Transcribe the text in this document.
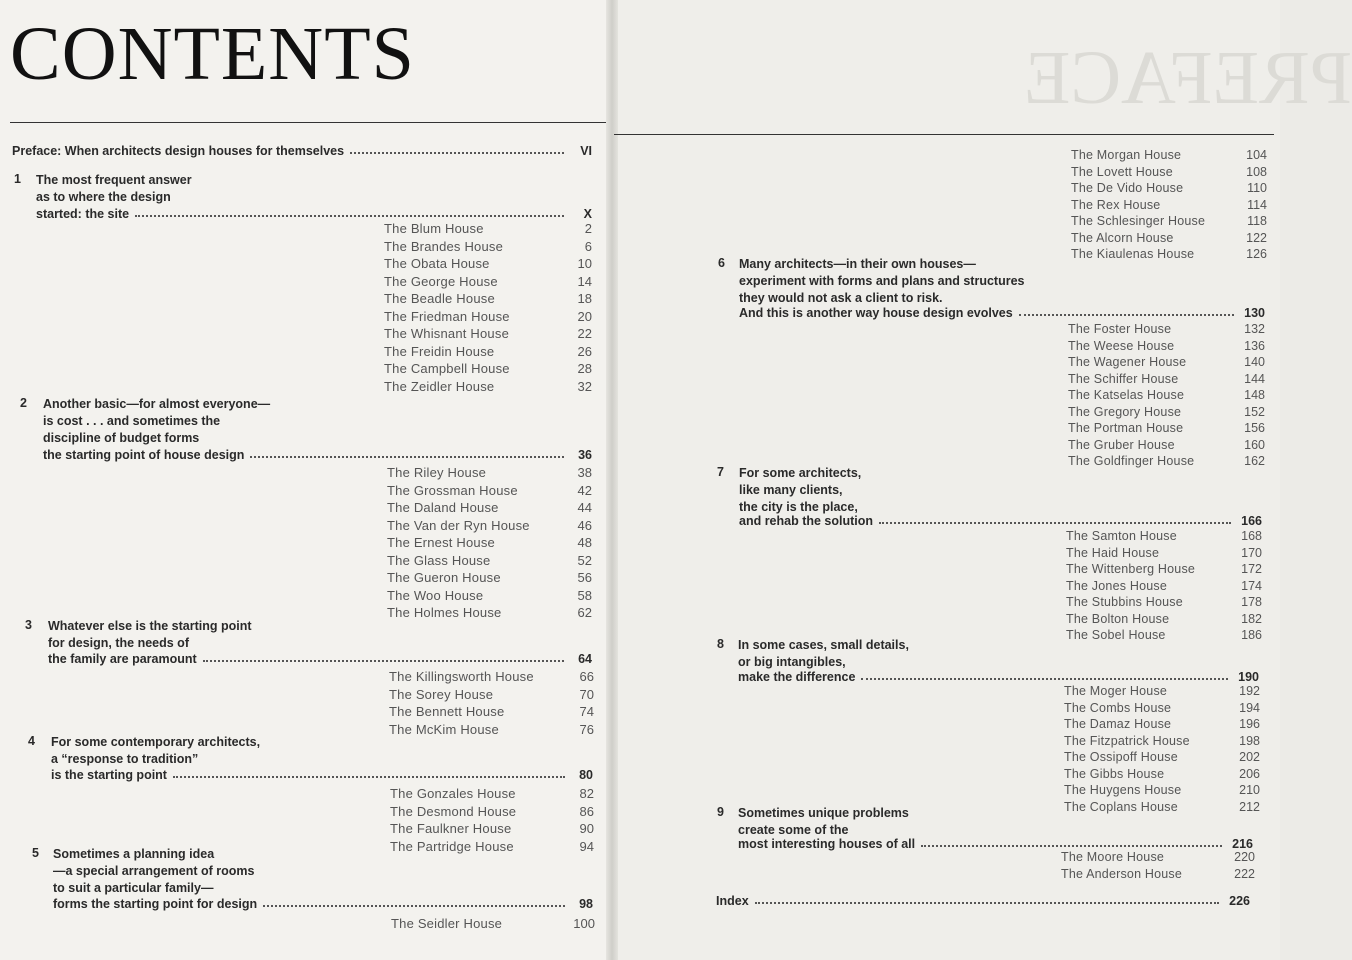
PREFACE
CONTENTS
Preface: When architects design houses for themselves	VI
1 The most frequent answer
as to where the design
started: the site	X
The Blum House	2
The Brandes House	6
The Obata House	10
The George House	14
The Beadle House	18
The Friedman House	20
The Whisnant House	22
The Freidin House	26
The Campbell House	28
The Zeidler House	32
2 Another basic—for almost everyone—
is cost . . . and sometimes the
discipline of budget forms
the starting point of house design	36
The Riley House	38
The Grossman House	42
The Daland House	44
The Van der Ryn House	46
The Ernest House	48
The Glass House	52
The Gueron House	56
The Woo House	58
The Holmes House	62
3 Whatever else is the starting point
for design, the needs of
the family are paramount	64
The Killingsworth House	66
The Sorey House	70
The Bennett House	74
The McKim House	76
4 For some contemporary architects,
a “response to tradition”
is the starting point	80
The Gonzales House	82
The Desmond House	86
The Faulkner House	90
The Partridge House	94
5 Sometimes a planning idea
—a special arrangement of rooms
to suit a particular family—
forms the starting point for design	98
The Seidler House	100
The Morgan House	104
The Lovett House	108
The De Vido House	110
The Rex House	114
The Schlesinger House	118
The Alcorn House	122
The Kiaulenas House	126
6 Many architects—in their own houses—
experiment with forms and plans and structures
they would not ask a client to risk.
And this is another way house design evolves	130
The Foster House	132
The Weese House	136
The Wagener House	140
The Schiffer House	144
The Katselas House	148
The Gregory House	152
The Portman House	156
The Gruber House	160
The Goldfinger House	162
7 For some architects,
like many clients,
the city is the place,
and rehab the solution	166
The Samton House	168
The Haid House	170
The Wittenberg House	172
The Jones House	174
The Stubbins House	178
The Bolton House	182
The Sobel House	186
8 In some cases, small details,
or big intangibles,
make the difference	190
The Moger House	192
The Combs House	194
The Damaz House	196
The Fitzpatrick House	198
The Ossipoff House	202
The Gibbs House	206
The Huygens House	210
The Coplans House	212
9 Sometimes unique problems
create some of the
most interesting houses of all	216
The Moore House	220
The Anderson House	222
Index	226
